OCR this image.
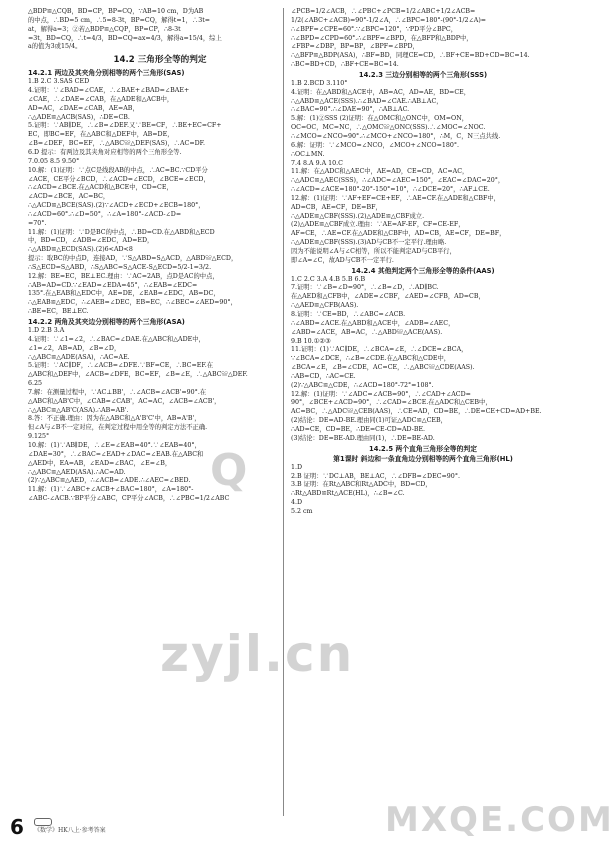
△BDP≌△CQB，BD=CP，BP=CQ，∵AB=10 cm，D为AB
的中点，∴BD=5 cm，∴5=8-3t，BP=CQ，解得t=1，∴3t=
at，解得a=3；②若△BDP≌△CQP，BP=CP，∴8-3t
=3t，BD=CQ，∴t=4/3，BD=CQ=ax=4/3，解得a=15/4，综上
a的值为3或15/4。
14.2 三角形全等的判定
14.2.1 两边及其夹角分别相等的两个三角形(SAS)
1.B 2.C 3.SAS CED
4.证明：∵∠BAD=∠CAE，∴∠BAE+∠BAD=∠BAE+
∠CAE，∴∠DAE=∠CAB，在△ADE和△ACB中，
AD=AC，∠DAE=∠CAB，AE=AB，
∴△ADE≌△ACB(SAS)，∴DE=CB.
5.证明：∵AB∥DE，∴∠B=∠DEF.又∵BE=CF，∴BE+EC=CF+
EC，即BC=EF，在△ABC和△DEF中，AB=DE，
∠B=∠DEF，BC=EF，∴△ABC≌△DEF(SAS)，∴AC=DF.
6.D 提示：有两边及其夹角对应相等的两个三角形全等.
7.0.05 8.5 9.50°
10.解：(1)证明：∵点C是线段AB的中点，∴AC=BC.∵CD平分
∠ACE，CE平分∠BCD，∴∠ACD=∠ECD，∠BCE=∠ECD，
∴∠ACD=∠BCE.在△ACD和△BCE中，CD=CE，
∠ACD=∠BCE，AC=BC，
∴△ACD≌△BCE(SAS).(2)∵∠ACD+∠ECD+∠ECB=180°，
∴∠ACD=60°.∴∠D=50°，∴∠A=180°-∠ACD-∠D=
=70°.
11.解：(1)证明：∵D是BC的中点，∴BD=CD.在△ABD和△ECD
中，BD=CD，∠ADB=∠EDC，AD=ED，
∴△ABD≌△ECD(SAS).(2)6<AD<8
提示：取BC的中点D，连接AD，∵S△ABD=S△ACD，△ABD≌△ECD，
∴S△ECD=S△ABD，∴S△ABC=S△ACE-S△ECD=5/2-1=3/2.
12.解：BE=EC，BE⊥EC.理由：∵AC=2AB，点D是AC的中点，
∴AB=AD=CD.∵∠EAD=∠EDA=45°，∴∠EAB=∠EDC=
135°.在△EAB和△EDC中，AE=DE，∠EAB=∠EDC，AB=DC，
∴△EAB≌△EDC，∴∠AEB=∠DEC，EB=EC，∴∠BEC=∠AED=90°，
∴BE=EC，BE⊥EC.
14.2.2 两角及其夹边分别相等的两个三角形(ASA)
1.D 2.B 3.A
4.证明：∵∠1=∠2，∴∠BAC=∠DAE.在△ABC和△ADE中，
∠1=∠2，AB=AD，∠B=∠D，
∴△ABC≌△ADE(ASA)，∴AC=AE.
5.证明：∵AC∥DF，∴∠ACB=∠DFE.∵BF=CE，∴BC=EF.在
△ABC和△DEF中，∠ACB=∠DFE，BC=EF，∠B=∠E，∴△ABC≌△DEF.
6.25
7.解：在测量过程中，∵AC⊥BB'，∴∠ACB=∠ACB'=90°.在
△ABC和△AB'C中，∠CAB=∠CAB'，AC=AC，∠ACB=∠ACB'，
∴△ABC≌△AB'C(ASA).∴AB=AB'.
8.答：不正确.理由：因为在△ABC和△A'B'C'中，AB=A'B'，
但∠A与∠B不一定对应，在判定过程中用全等的判定方法不正确.
9.125°
10.解：(1)∵AB∥DE，∴∠E=∠EAB=40°.∵∠EAB=40°，
∠DAE=30°，∴∠BAC=∠EAD+∠DAC=∠EAB.在△ABC和
△AED中，EA=AB，∠EAD=∠BAC，∠E=∠B，
∴△ABC≌△AED(ASA).∴AC=AD.
(2)∵△ABC≌△AED，∴∠ACB=∠ADE.∴∠AEC=∠BED.
11.解：(1)∵∠ABC+∠ACB+∠BAC=180°，∠A=180°-
∠ABC-∠ACB.∵BP平分∠ABC，CP平分∠ACB，∴∠PBC=1/2∠ABC
∠PCB=1/2∠ACB，∴∠PBC+∠PCB=1/2∠ABC+1/2∠ACB=
1/2(∠ABC+∠ACB)=90°-1/2∠A，∴∠BPC=180°-(90°-1/2∠A)=
∴∠BPF=∠CPE=60°.∵∠BPC=120°，∵PD平分∠BPC，
∴∠BPD=∠CPD=60°.∴∠BPF=∠BPD，在△BFP和△BDP中，
∠FBP=∠DBP，BP=BP，∠BPF=∠BPD，
∴△BFP≌△BDP(ASA)，∴BF=BD，同理CE=CD，∴BF+CE=BD+CD=BC=14.
∴BC=BD+CD，∴BF+CE=BC=14.
14.2.3 三边分别相等的两个三角形(SSS)
1.B 2.BCD 3.110°
4.证明：在△ABD和△ACE中，AB=AC，AD=AE，BD=CE，
∴△ABD≌△ACE(SSS).∴∠BAD=∠CAE.∴AB⊥AC，
∴∠BAC=90°.∴∠DAE=90°，∴AB⊥AC.
5.解：(1)②SSS (2)证明：在△OMC和△ONC中，OM=ON，
OC=OC，MC=NC，∴△OMC≌△ONC(SSS).∴∠MOC=∠NOC.
∴∠MCO=∠NCO=90°.∴∠MCO+∠NCO=180°，∴M，C，N三点共线.
6.解：证明：∵∠MCO=∠NCO，∠MCO+∠NCO=180°.
∴OC⊥MN.
7.4 8.A 9.A 10.C
11.解：在△ADC和△AEC中，AE=AD，CE=CD，AC=AC，
∴△ADC≌△AEC(SSS)，∴∠ADC=∠AEC=150°，∠EAC=∠DAC=20°，
∴∠ACD=∠ACE=180°-20°-150°=10°，∴∠DCE=20°，∴AF⊥CE.
12.解：(1)证明：∵AF+EF=CE+EF，∴AE=CF.在△ADE和△CBF中，
AD=CB，AE=CF，DE=BF，
∴△ADE≌△CBF(SSS).(2)△ADE≌△CBF成立.
(2)△ADE≌△CBF成立.理由：∵AE=AF-EF，CF=CE-EF，
AF=CE，∴AE=CF.在△ADE和△CBF中，AD=CB，AE=CF，DE=BF，
∴△ADE≌△CBF(SSS).(3)AD与CB不一定平行.理由略.
因为不能说明∠A与∠C相等，所以不能判定AD与CB平行，
即∠A=∠C，故AD与CB不一定平行.
14.2.4 其他判定两个三角形全等的条件(AAS)
1.C 2.C 3.A 4.B 5.B 6.B
7.证明：∵∠B=∠D=90°，∴∠B=∠D，∴AD∥BC.
在△AED和△CFB中，∠ADE=∠CBF，∠AED=∠CFB，AD=CB，
∴△AED≌△CFB(AAS).
8.证明：∵CE=BD，∴∠ABC=∠ACB.
∴∠ABD=∠ACE.在△ABD和△ACE中，∠ADB=∠AEC，
∠ABD=∠ACE，AB=AC，∴△ABD≌△ACE(AAS).
9.B 10.①②③
11.证明：(1)∵AC∥DE，∴∠BCA=∠E，∴∠DCE=∠BCA，
∵∠BCA=∠DCE，∴∠B=∠CDE.在△ABC和△CDE中，
∠BCA=∠E，∠B=∠CDE，AC=CE，∴△ABC≌△CDE(AAS).
∴AB=CD，∴AC=CE.
(2)∵△ABC≌△CDE，∴∠ACD=180°-72°=108°.
12.解：(1)证明：∵∠ADC=∠ACB=90°，∴∠CAD+∠ACD=
90°，∠BCE+∠ACD=90°，∴∠CAD=∠BCE.在△ADC和△CEB中，
AC=BC，∴△ADC≌△CEB(AAS)，∴CE=AD，CD=BE，∴DE=CE+CD=AD+BE.
(2)结论：DE=AD-BE.理由同(1)可证△ADC≌△CEB，
∴AD=CE，CD=BE，∴DE=CE-CD=AD-BE.
(3)结论：DE=BE-AD.理由同(1)，∴DE=BE-AD.
14.2.5 两个直角三角形全等的判定
第1课时 斜边和一条直角边分别相等的两个直角三角形(HL)
1.D
2.B 证明：∵DC⊥AB，BE⊥AC，∴∠DFB=∠DEC=90°.
3.B 证明：在Rt△ABC和Rt△ADC中，BD=CD，
∴Rt△ABD≌Rt△ACE(HL)，∴∠B=∠C.
4.D
5.2 cm
6 《数学》HK八上·参考答案
Q
zyjl.cn
MXQE.COM
